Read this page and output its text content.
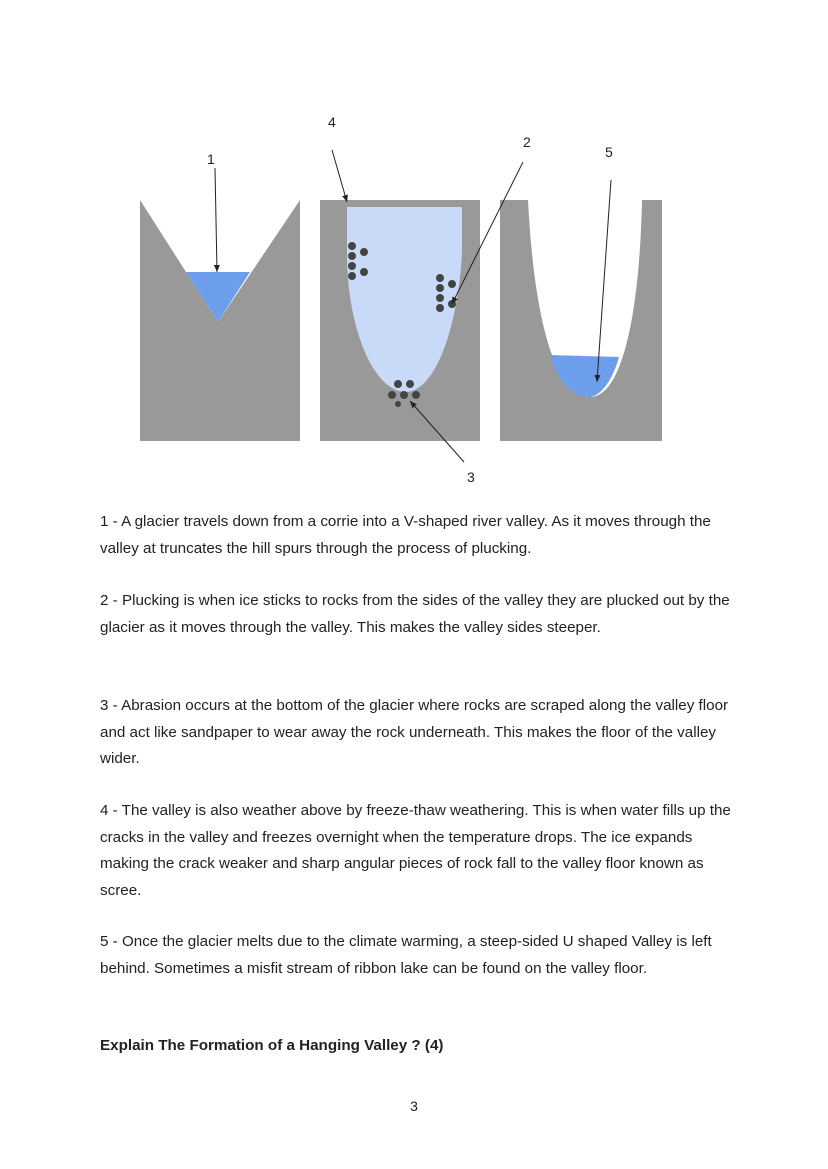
1
2
3
4
5

1 - A glacier travels down from a corrie into a V-shaped river valley. As it moves through the valley at truncates the hill spurs through the process of plucking.

2 - Plucking is when ice sticks to rocks from the sides of the valley they are plucked out by the glacier as it moves through the valley. This makes the valley sides steeper.

3 - Abrasion occurs at the bottom of the glacier where rocks are scraped along the valley floor and act like sandpaper to wear away the rock underneath. This makes the floor of the valley wider.

4 - The valley is also weather above by freeze-thaw weathering. This is when water fills up the cracks in the valley and freezes overnight when the temperature drops. The ice expands making the crack weaker and sharp angular pieces of rock fall to the valley floor known as scree.

5 - Once the glacier melts due to the climate warming, a steep-sided U shaped Valley is left behind. Sometimes a misfit stream of ribbon lake can be found on the valley floor.

Explain The Formation of a Hanging Valley ? (4)

3
